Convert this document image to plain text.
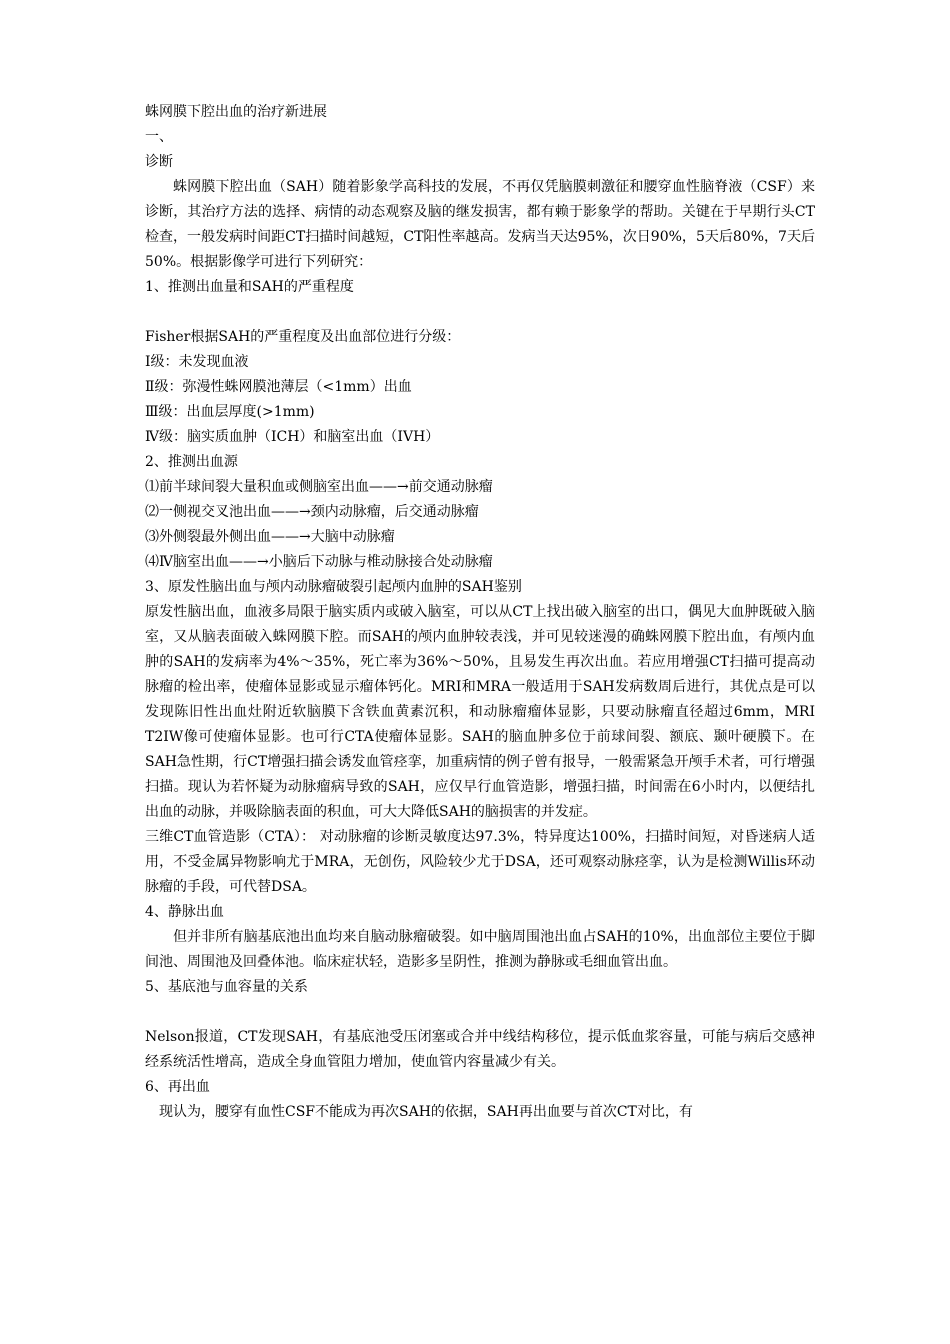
蛛网膜下腔出血的治疗新进展
一、
诊断
蛛网膜下腔出血（SAH）随着影象学高科技的发展，不再仅凭脑膜刺激征和腰穿血性脑脊液（CSF）来诊断，其治疗方法的选择、病情的动态观察及脑的继发损害，都有赖于影象学的帮助。关键在于早期行头CT检查，一般发病时间距CT扫描时间越短，CT阳性率越高。发病当天达95%，次日90%，5天后80%，7天后50%。根据影像学可进行下列研究：
1、推测出血量和SAH的严重程度
Fisher根据SAH的严重程度及出血部位进行分级：
Ⅰ级：未发现血液
Ⅱ级：弥漫性蛛网膜池薄层（<1mm）出血
Ⅲ级：出血层厚度(>1mm)
Ⅳ级：脑实质血肿（ICH）和脑室出血（IVH）
2、推测出血源
⑴前半球间裂大量积血或侧脑室出血——→前交通动脉瘤
⑵一侧视交叉池出血——→颈内动脉瘤，后交通动脉瘤
⑶外侧裂最外侧出血——→大脑中动脉瘤
⑷Ⅳ脑室出血——→小脑后下动脉与椎动脉接合处动脉瘤
3、原发性脑出血与颅内动脉瘤破裂引起颅内血肿的SAH鉴别
原发性脑出血，血液多局限于脑实质内或破入脑室，可以从CT上找出破入脑室的出口，偶见大血肿既破入脑室，又从脑表面破入蛛网膜下腔。而SAH的颅内血肿较表浅，并可见较迷漫的确蛛网膜下腔出血，有颅内血肿的SAH的发病率为4%～35%，死亡率为36%～50%，且易发生再次出血。若应用增强CT扫描可提高动脉瘤的检出率，使瘤体显影或显示瘤体钙化。MRI和MRA一般适用于SAH发病数周后进行，其优点是可以发现陈旧性出血灶附近软脑膜下含铁血黄素沉积，和动脉瘤瘤体显影，只要动脉瘤直径超过6mm，MRI T2IW像可使瘤体显影。也可行CTA使瘤体显影。SAH的脑血肿多位于前球间裂、额底、颞叶硬膜下。在SAH急性期，行CT增强扫描会诱发血管痉挛，加重病情的例子曾有报导，一般需紧急开颅手术者，可行增强扫描。现认为若怀疑为动脉瘤病导致的SAH，应仅早行血管造影，增强扫描，时间需在6小时内，以便结扎出血的动脉，并吸除脑表面的积血，可大大降低SAH的脑损害的并发症。
三维CT血管造影（CTA）： 对动脉瘤的诊断灵敏度达97.3%，特异度达100%，扫描时间短，对昏迷病人适用，不受金属异物影响尤于MRA，无创伤，风险较少尤于DSA，还可观察动脉痉挛，认为是检测Willis环动脉瘤的手段，可代替DSA。
4、静脉出血
但并非所有脑基底池出血均来自脑动脉瘤破裂。如中脑周围池出血占SAH的10%，出血部位主要位于脚间池、周围池及回叠体池。临床症状轻，造影多呈阴性，推测为静脉或毛细血管出血。
5、基底池与血容量的关系
Nelson报道，CT发现SAH，有基底池受压闭塞或合并中线结构移位，提示低血浆容量，可能与病后交感神经系统活性增高，造成全身血管阻力增加，使血管内容量减少有关。
6、再出血
现认为，腰穿有血性CSF不能成为再次SAH的依据，SAH再出血要与首次CT对比，有
